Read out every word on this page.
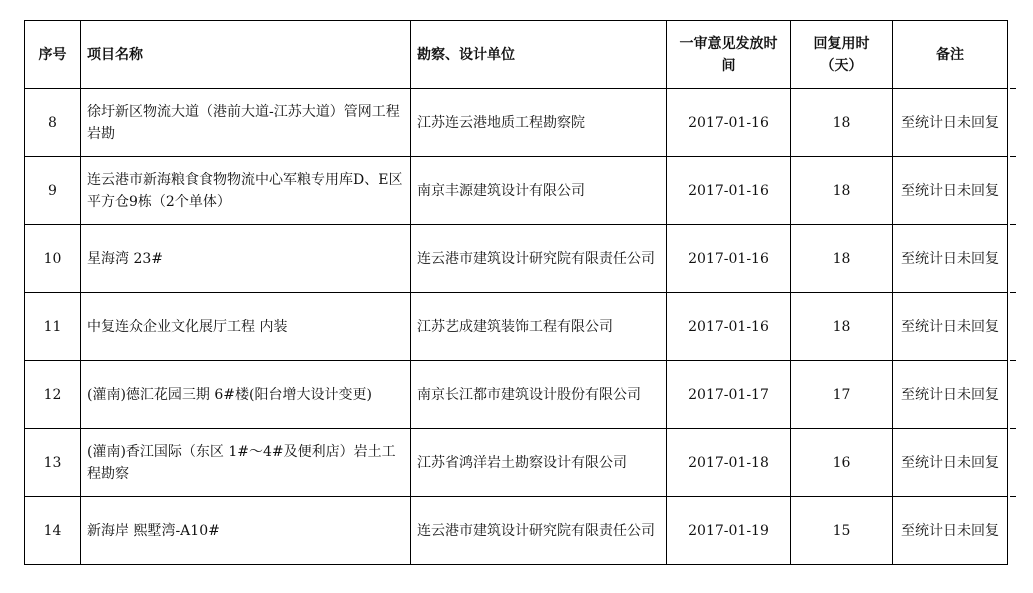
序号	项目名称	勘察、设计单位	一审意见发放时间	回复用时（天）	备注
8	徐圩新区物流大道（港前大道-江苏大道）管网工程岩勘	江苏连云港地质工程勘察院	2017-01-16	18	至统计日未回复
9	连云港市新海粮食食物物流中心军粮专用库D、E区平方仓9栋（2个单体）	南京丰源建筑设计有限公司	2017-01-16	18	至统计日未回复
10	星海湾 23#	连云港市建筑设计研究院有限责任公司	2017-01-16	18	至统计日未回复
11	中复连众企业文化展厅工程 内装	江苏艺成建筑装饰工程有限公司	2017-01-16	18	至统计日未回复
12	(灌南)德汇花园三期 6#楼(阳台增大设计变更)	南京长江都市建筑设计股份有限公司	2017-01-17	17	至统计日未回复
13	(灌南)香江国际（东区 1#～4#及便利店）岩土工程勘察	江苏省鸿洋岩土勘察设计有限公司	2017-01-18	16	至统计日未回复
14	新海岸 熙墅湾-A10#	连云港市建筑设计研究院有限责任公司	2017-01-19	15	至统计日未回复
